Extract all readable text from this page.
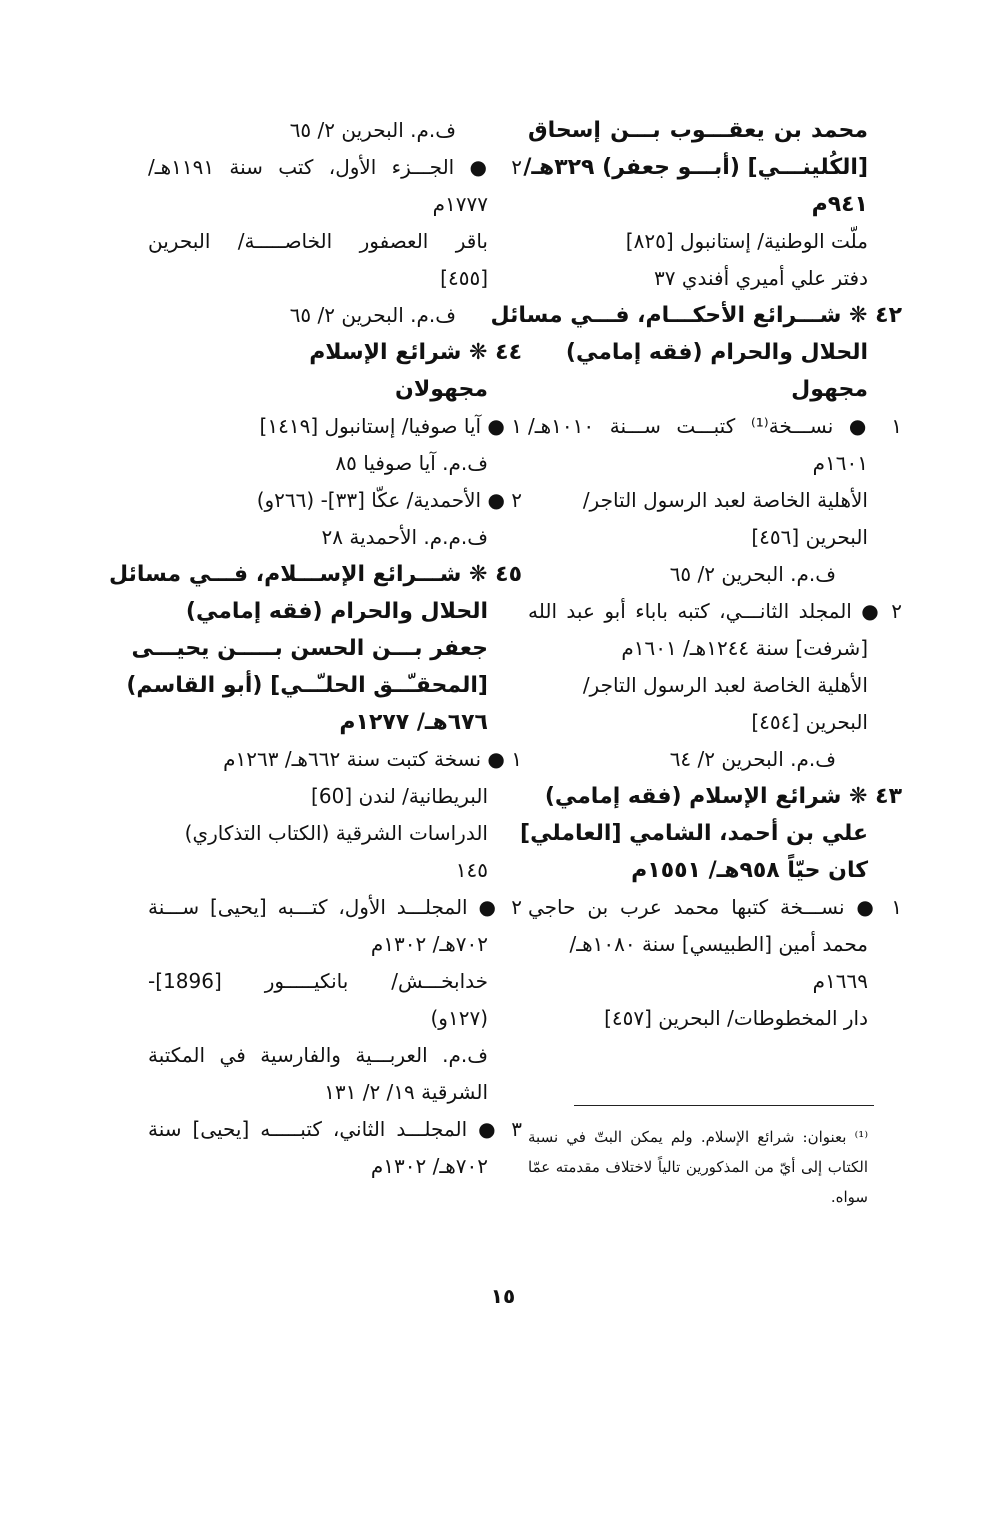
محمد بن يعقـــوب بـــن إسحاق
[الكُلينـــي] (أبـــو جعفر) ٣٢٩هـ/
٩٤١م
ملّت الوطنية/ إستانبول [٨٢٥]
دفتر علي أميري أفندي ٣٧
٤٢ ❋ شـــرائع الأحكـــام، فـــي مسائل
الحلال والحرام (فقه إمامي)
مجهول
١ ● نســـخة⁽¹⁾ كتبـــت ســـنة ١٠١٠هـ/
١٦٠١م
الأهلية الخاصة لعبد الرسول التاجر/
البحرين [٤٥٦]
ف.م. البحرين ٢/ ٦٥
٢ ● المجلد الثانـــي، كتبه باباء أبو عبد الله
[شرفت] سنة ١٢٤٤هـ/ ١٦٠١م
الأهلية الخاصة لعبد الرسول التاجر/
البحرين [٤٥٤]
ف.م. البحرين ٢/ ٦٤
٤٣ ❋ شرائع الإسلام (فقه إمامي)
علي بن أحمد، الشامي [العاملي]
كان حيّاً ٩٥٨هـ/ ١٥٥١م
١ ● نســـخة كتبها محمد عرب بن حاجي
محمد أمين [الطبيسي] سنة ١٠٨٠هـ/
١٦٦٩م
دار المخطوطات/ البحرين [٤٥٧]
ف.م. البحرين ٢/ ٦٥
٢ ● الجـــزء الأول، كتب سنة ١١٩١هـ/
١٧٧٧م
باقر العصفور الخاصـــــة/ البحرين
[٤٥٥]
ف.م. البحرين ٢/ ٦٥
٤٤ ❋ شرائع الإسلام
مجهولان
١ ● آيا صوفيا/ إستانبول [١٤١٩]
ف.م. آيا صوفيا ٨٥
٢ ● الأحمدية/ عكّا [٣٣]- (٢٦٦و)
ف.م.م. الأحمدية ٢٨
٤٥ ❋ شـــرائع الإســـلام، فـــي مسائل
الحلال والحرام (فقه إمامي)
جعفر بـــن الحسن بـــــن يحيـــى
[المحقـّــق الحلـّــي] (أبو القاسم)
٦٧٦هـ/ ١٢٧٧م
١ ● نسخة كتبت سنة ٦٦٢هـ/ ١٢٦٣م
البريطانية/ لندن [60]
الدراسات الشرقية (الكتاب التذكاري)
١٤٥
٢ ● المجلـــد الأول، كتـــبه [يحيى] ســـنة
٧٠٢هـ/ ١٣٠٢م
خدابخـــش/ بانكيـــــور [1896]-
(١٢٧و)
ف.م. العربـــية والفارسية في المكتبة
الشرقية ١٩/ ٢/ ١٣١
٣ ● المجلـــد الثاني، كتبـــــه [يحيى] سنة
٧٠٢هـ/ ١٣٠٢م
⁽¹⁾ بعنوان: شرائع الإسلام. ولم يمكن البتّ في نسبة الكتاب إلى أيّ من المذكورين تالياً لاختلاف مقدمته عمّا سواه.
١٥
